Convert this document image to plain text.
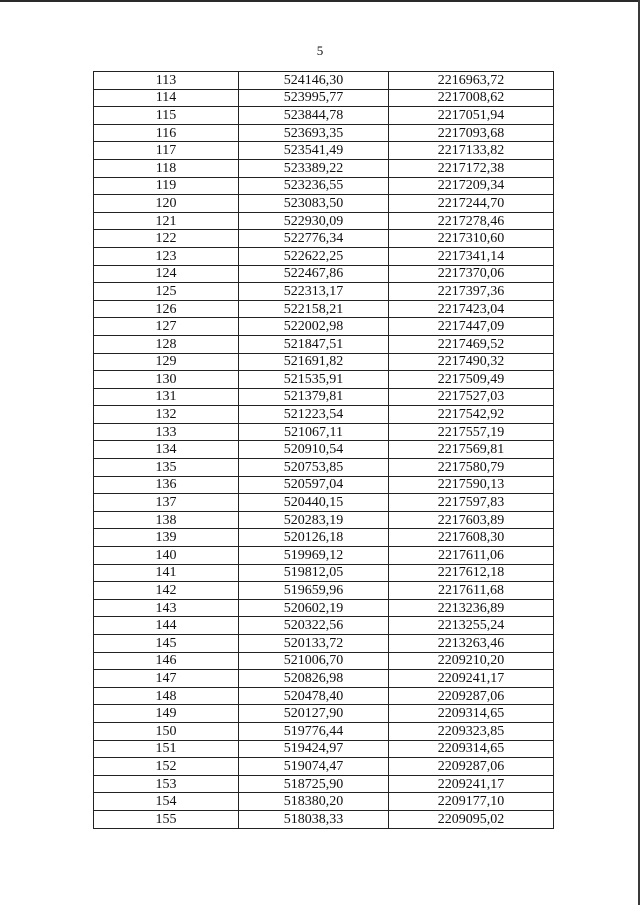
5
113	524146,30	2216963,72
114	523995,77	2217008,62
115	523844,78	2217051,94
116	523693,35	2217093,68
117	523541,49	2217133,82
118	523389,22	2217172,38
119	523236,55	2217209,34
120	523083,50	2217244,70
121	522930,09	2217278,46
122	522776,34	2217310,60
123	522622,25	2217341,14
124	522467,86	2217370,06
125	522313,17	2217397,36
126	522158,21	2217423,04
127	522002,98	2217447,09
128	521847,51	2217469,52
129	521691,82	2217490,32
130	521535,91	2217509,49
131	521379,81	2217527,03
132	521223,54	2217542,92
133	521067,11	2217557,19
134	520910,54	2217569,81
135	520753,85	2217580,79
136	520597,04	2217590,13
137	520440,15	2217597,83
138	520283,19	2217603,89
139	520126,18	2217608,30
140	519969,12	2217611,06
141	519812,05	2217612,18
142	519659,96	2217611,68
143	520602,19	2213236,89
144	520322,56	2213255,24
145	520133,72	2213263,46
146	521006,70	2209210,20
147	520826,98	2209241,17
148	520478,40	2209287,06
149	520127,90	2209314,65
150	519776,44	2209323,85
151	519424,97	2209314,65
152	519074,47	2209287,06
153	518725,90	2209241,17
154	518380,20	2209177,10
155	518038,33	2209095,02
